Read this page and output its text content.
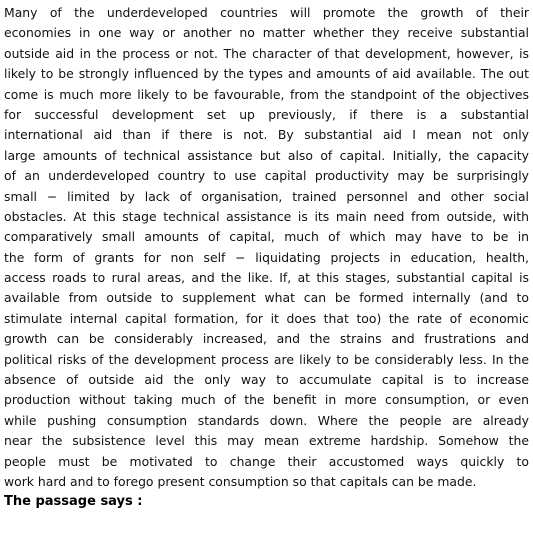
Many of the underdeveloped countries will promote the growth of their
economies in one way or another no matter whether they receive substantial
outside aid in the process or not. The character of that development, however, is
likely to be strongly influenced by the types and amounts of aid available. The out
come is much more likely to be favourable, from the standpoint of the objectives
for successful development set up previously, if there is a substantial
international aid than if there is not. By substantial aid I mean not only
large amounts of technical assistance but also of capital. Initially, the capacity
of an underdeveloped country to use capital productivity may be surprisingly
small − limited by lack of organisation, trained personnel and other social
obstacles. At this stage technical assistance is its main need from outside, with
comparatively small amounts of capital, much of which may have to be in
the form of grants for non self − liquidating projects in education, health,
access roads to rural areas, and the like. If, at this stages, substantial capital is
available from outside to supplement what can be formed internally (and to
stimulate internal capital formation, for it does that too) the rate of economic
growth can be considerably increased, and the strains and frustrations and
political risks of the development process are likely to be considerably less. In the
absence of outside aid the only way to accumulate capital is to increase
production without taking much of the benefit in more consumption, or even
while pushing consumption standards down. Where the people are already
near the subsistence level this may mean extreme hardship. Somehow the
people must be motivated to change their accustomed ways quickly to
work hard and to forego present consumption so that capitals can be made.
The passage says :
